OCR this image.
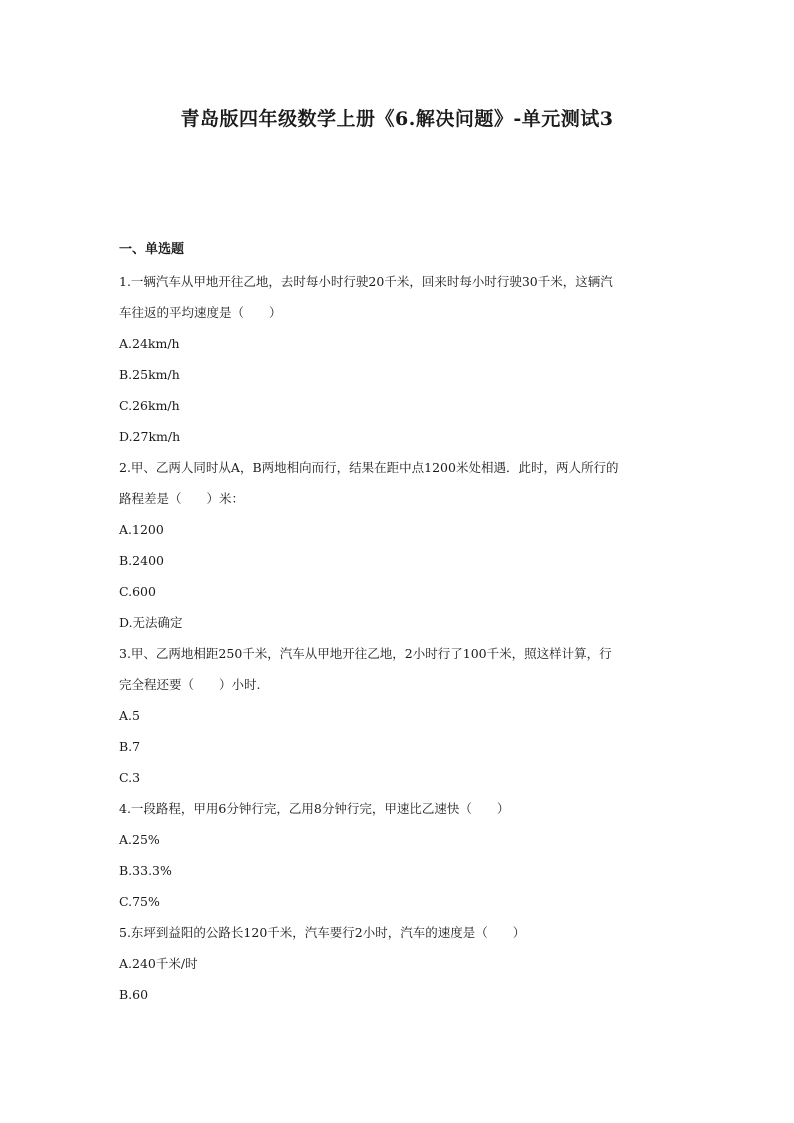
青岛版四年级数学上册《6.解决问题》-单元测试3
一、单选题
1.一辆汽车从甲地开往乙地，去时每小时行驶20千米，回来时每小时行驶30千米，这辆汽
车往返的平均速度是（　　）
A.24km/h
B.25km/h
C.26km/h
D.27km/h
2.甲、乙两人同时从A，B两地相向而行，结果在距中点1200米处相遇．此时，两人所行的
路程差是（　　）米：
A.1200
B.2400
C.600
D.无法确定
3.甲、乙两地相距250千米，汽车从甲地开往乙地，2小时行了100千米，照这样计算，行
完全程还要（　　）小时.
A.5
B.7
C.3
4.一段路程，甲用6分钟行完，乙用8分钟行完，甲速比乙速快（　　）
A.25%
B.33.3%
C.75%
5.东坪到益阳的公路长120千米，汽车要行2小时，汽车的速度是（　　）
A.240千米/时
B.60
